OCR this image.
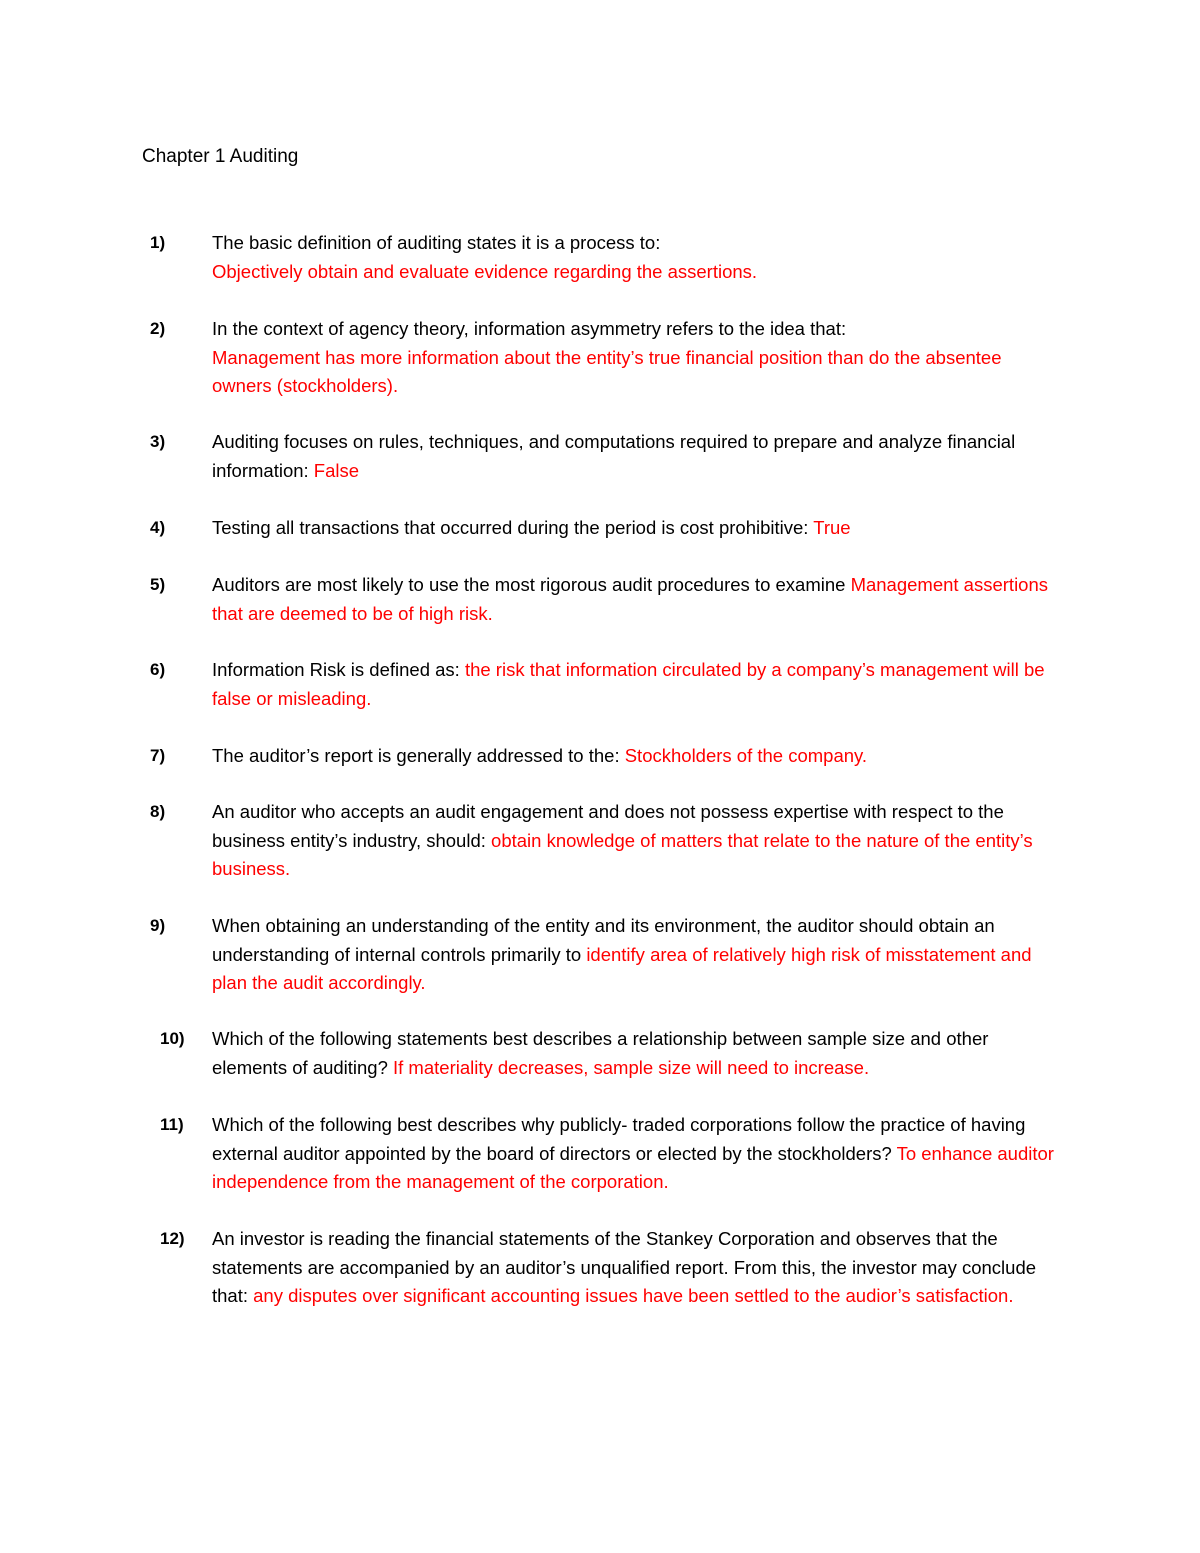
Chapter 1 Auditing
1)	The basic definition of auditing states it is a process to:
Objectively obtain and evaluate evidence regarding the assertions.
2)	In the context of agency theory, information asymmetry refers to the idea that:
Management has more information about the entity’s true financial position than do the absentee owners (stockholders).
3)	Auditing focuses on rules, techniques, and computations required to prepare and analyze financial information: False
4)	Testing all transactions that occurred during the period is cost prohibitive: True
5)	Auditors are most likely to use the most rigorous audit procedures to examine Management assertions that are deemed to be of high risk.
6)	Information Risk is defined as: the risk that information circulated by a company’s management will be false or misleading.
7)	The auditor’s report is generally addressed to the: Stockholders of the company.
8)	An auditor who accepts an audit engagement and does not possess expertise with respect to the business entity’s industry, should: obtain knowledge of matters that relate to the nature of the entity’s business.
9)	When obtaining an understanding of the entity and its environment, the auditor should obtain an understanding of internal controls primarily to identify area of relatively high risk of misstatement and plan the audit accordingly.
10)	Which of the following statements best describes a relationship between sample size and other elements of auditing? If materiality decreases, sample size will need to increase.
11)	Which of the following best describes why publicly- traded corporations follow the practice of having external auditor appointed by the board of directors or elected by the stockholders? To enhance auditor independence from the management of the corporation.
12)	An investor is reading the financial statements of the Stankey Corporation and observes that the statements are accompanied by an auditor’s unqualified report. From this, the investor may conclude that: any disputes over significant accounting issues have been settled to the audior’s satisfaction.
